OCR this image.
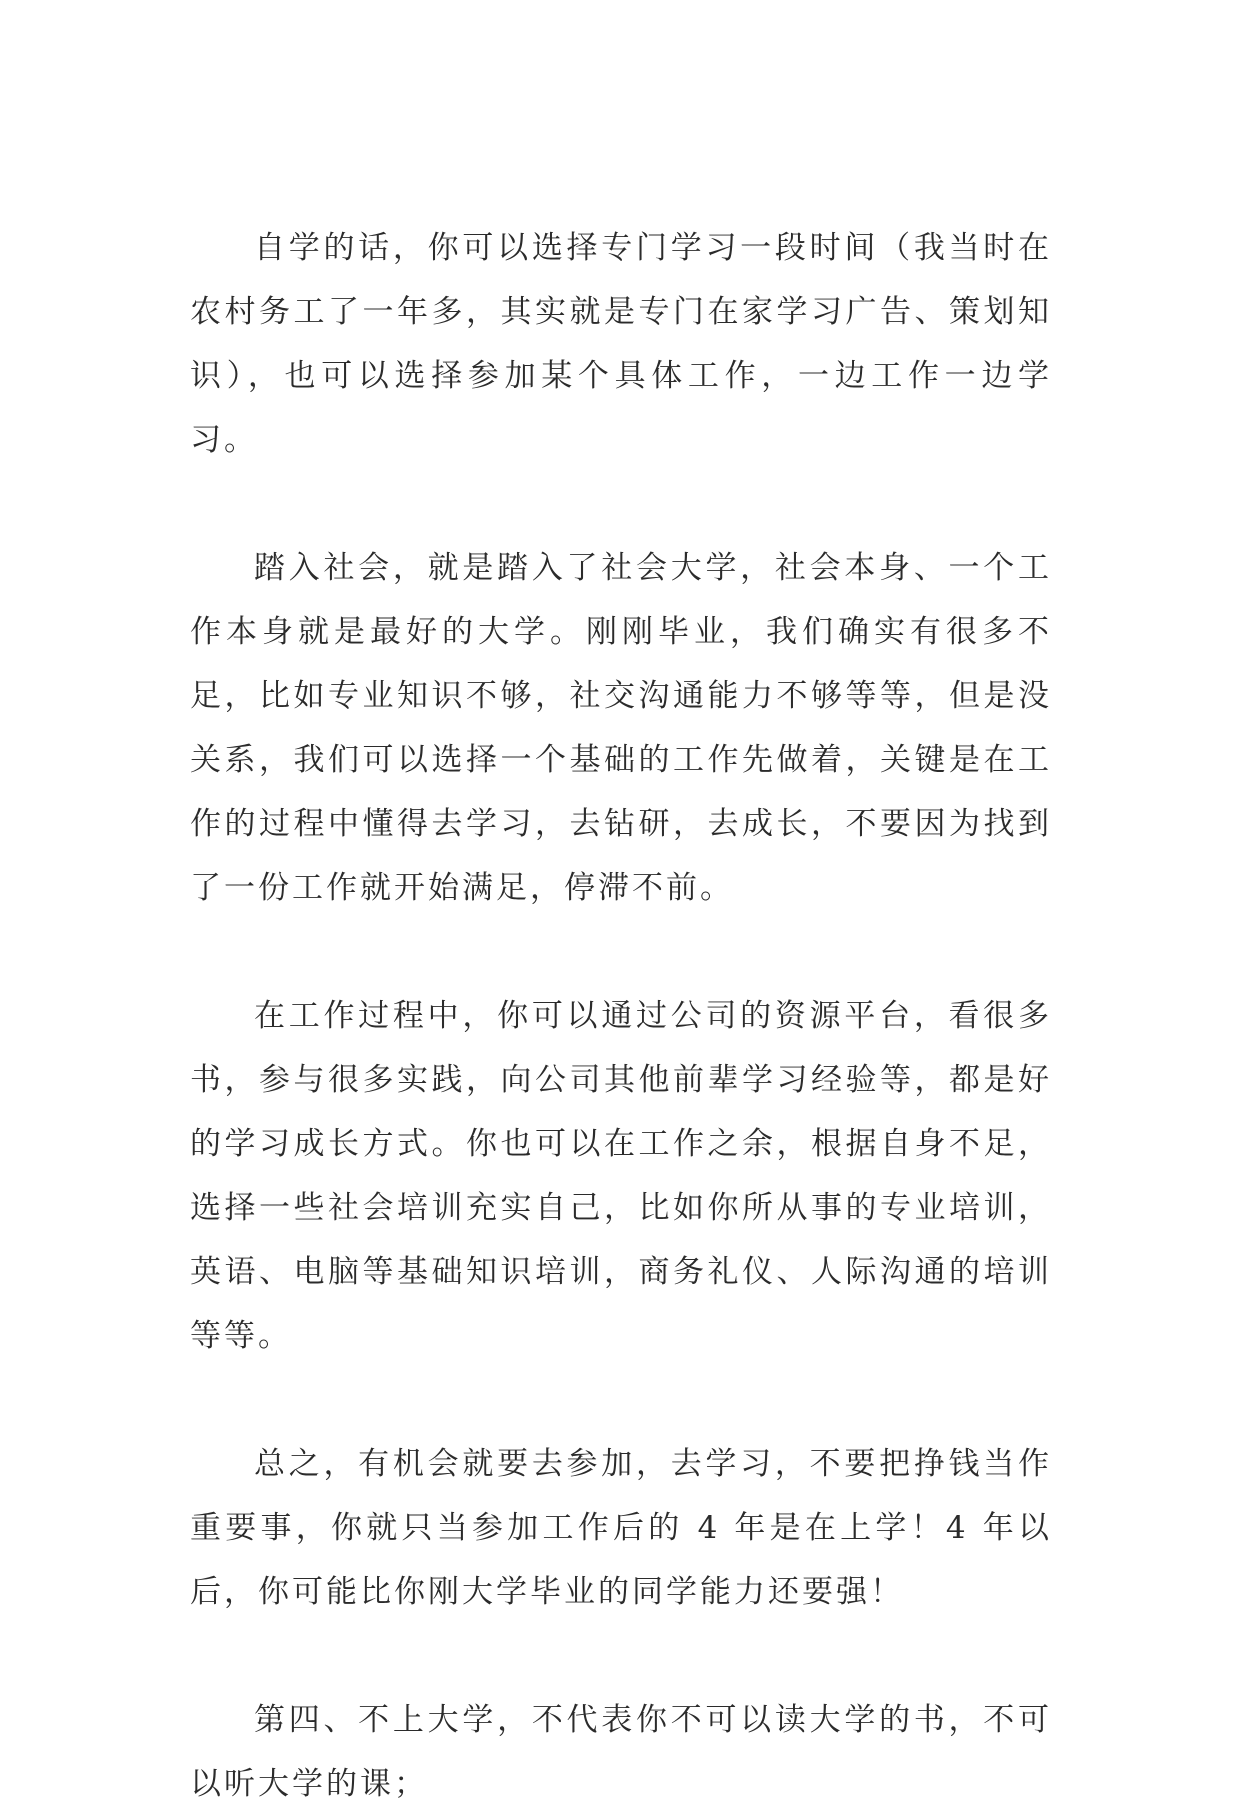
自学的话，你可以选择专门学习一段时间（我当时在农村务工了一年多，其实就是专门在家学习广告、策划知识），也可以选择参加某个具体工作，一边工作一边学习。

踏入社会，就是踏入了社会大学，社会本身、一个工作本身就是最好的大学。刚刚毕业，我们确实有很多不足，比如专业知识不够，社交沟通能力不够等等，但是没关系，我们可以选择一个基础的工作先做着，关键是在工作的过程中懂得去学习，去钻研，去成长，不要因为找到了一份工作就开始满足，停滞不前。

在工作过程中，你可以通过公司的资源平台，看很多书，参与很多实践，向公司其他前辈学习经验等，都是好的学习成长方式。你也可以在工作之余，根据自身不足，选择一些社会培训充实自己，比如你所从事的专业培训，英语、电脑等基础知识培训，商务礼仪、人际沟通的培训等等。

总之，有机会就要去参加，去学习，不要把挣钱当作重要事，你就只当参加工作后的 4 年是在上学！4 年以后，你可能比你刚大学毕业的同学能力还要强！

第四、不上大学，不代表你不可以读大学的书，不可以听大学的课；
